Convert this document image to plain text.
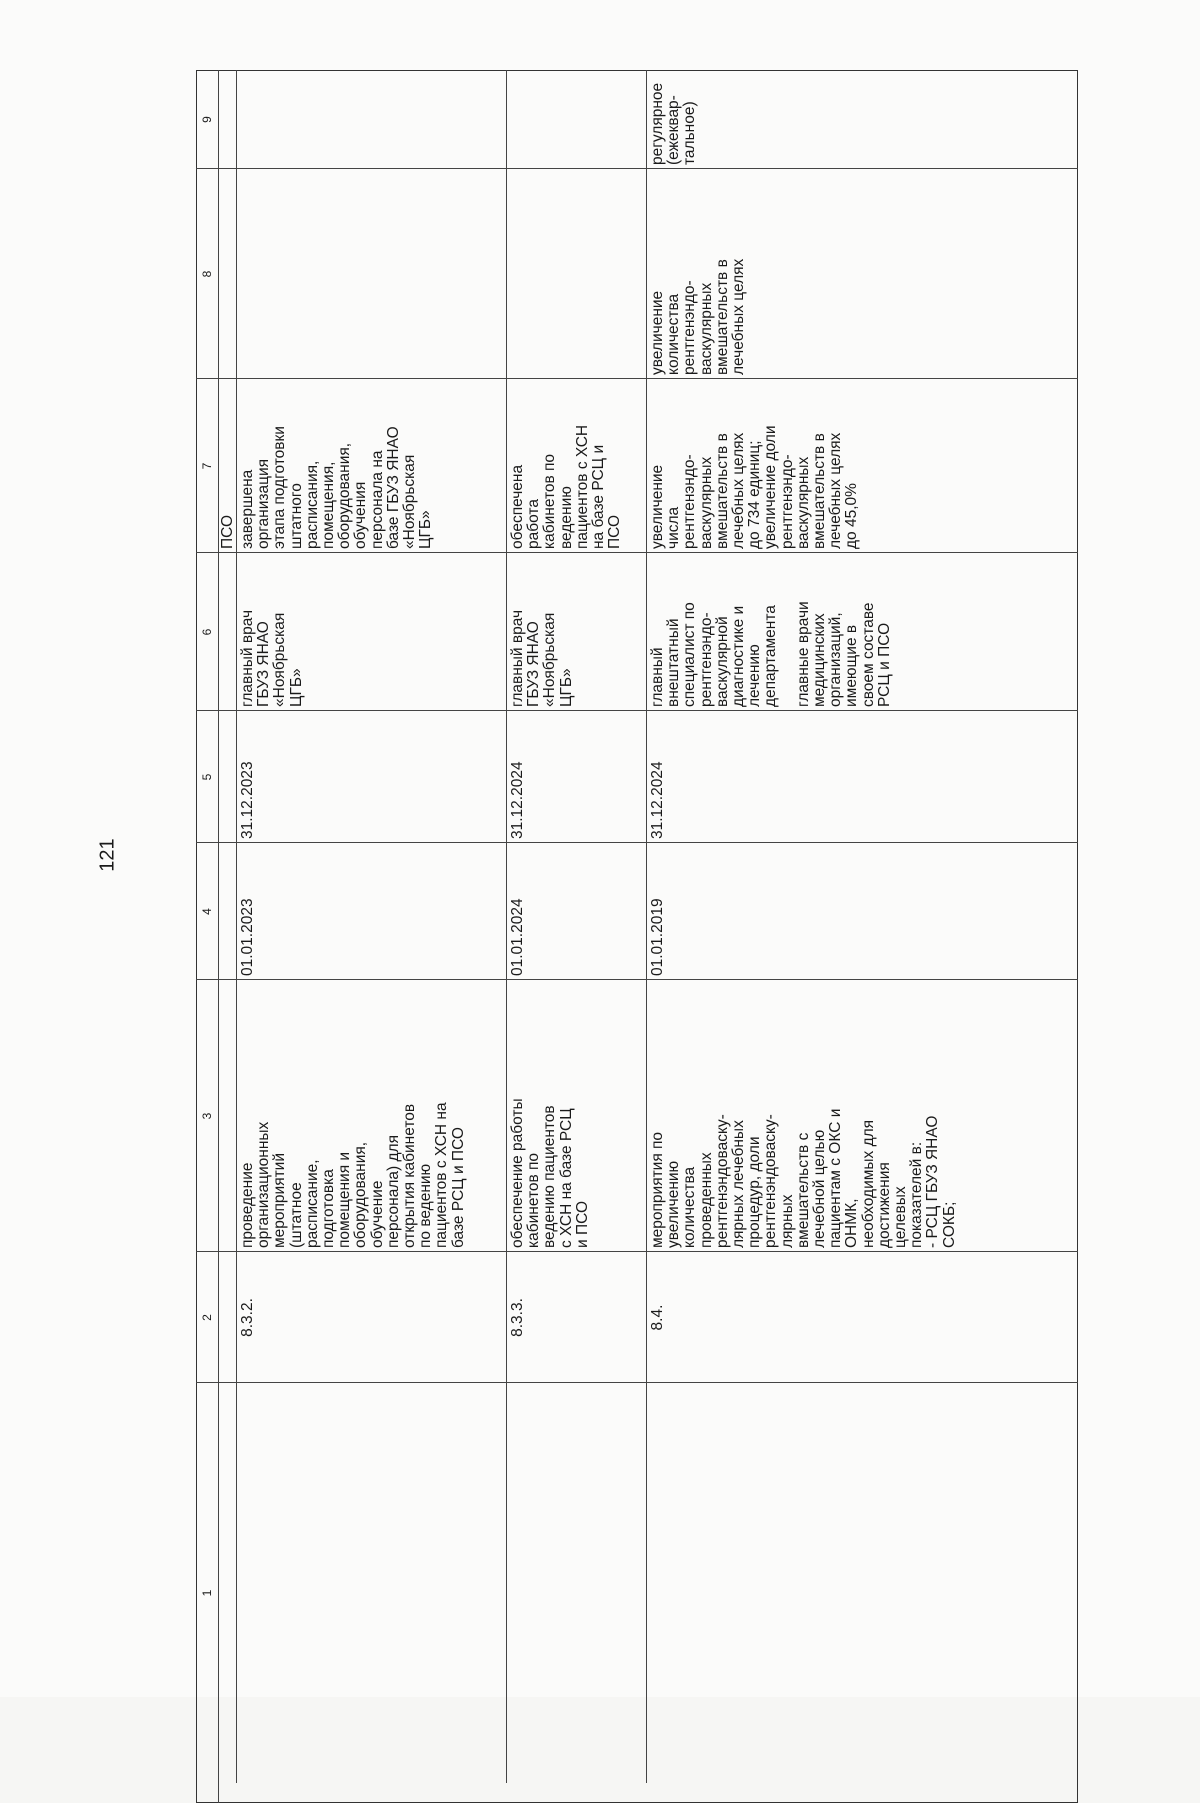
121
1
2
3
4
5
6
7
8
9
ПСО
8.3.2.
проведение
организационных
мероприятий
(штатное
расписание,
подготовка
помещения и
оборудования,
обучение
персонала) для
открытия кабинетов
по ведению
пациентов с ХСН на
базе РСЦ и ПСО
01.01.2023
31.12.2023
главный врач
ГБУЗ ЯНАО
«Ноябрьская
ЦГБ»
завершена
организация
этапа подготовки
штатного
расписания,
помещения,
оборудования,
обучения
персонала на
базе ГБУЗ ЯНАО
«Ноябрьская
ЦГБ»
8.3.3.
обеспечение работы
кабинетов по
ведению пациентов
с ХСН на базе РСЦ
и ПСО
01.01.2024
31.12.2024
главный врач
ГБУЗ ЯНАО
«Ноябрьская
ЦГБ»
обеспечена
работа
кабинетов по
ведению
пациентов с ХСН
на базе РСЦ и
ПСО
8.4.
мероприятия по
увеличению
количества
проведенных
рентгенэндоваску-
лярных лечебных
процедур, доли
рентгенэндоваску-
лярных
вмешательств с
лечебной целью
пациентам с ОКС и
ОНМК,
необходимых для
достижения
целевых
показателей в:
- РСЦ ГБУЗ ЯНАО
СОКБ;
01.01.2019
31.12.2024
главный
внештатный
специалист по
рентгенэндо-
васкулярной
диагностике и
лечению
департамента

главные врачи
медицинских
организаций,
имеющие в
своем составе
РСЦ и ПСО
увеличение
числа
рентгенэндо-
васкулярных
вмешательств в
лечебных целях
до 734 единиц;
увеличение доли
рентгенэндо-
васкулярных
вмешательств в
лечебных целях
до 45,0%
увеличение
количества
рентгенэндо-
васкулярных
вмешательств в
лечебных целях
регулярное
(ежеквар-
тальное)
